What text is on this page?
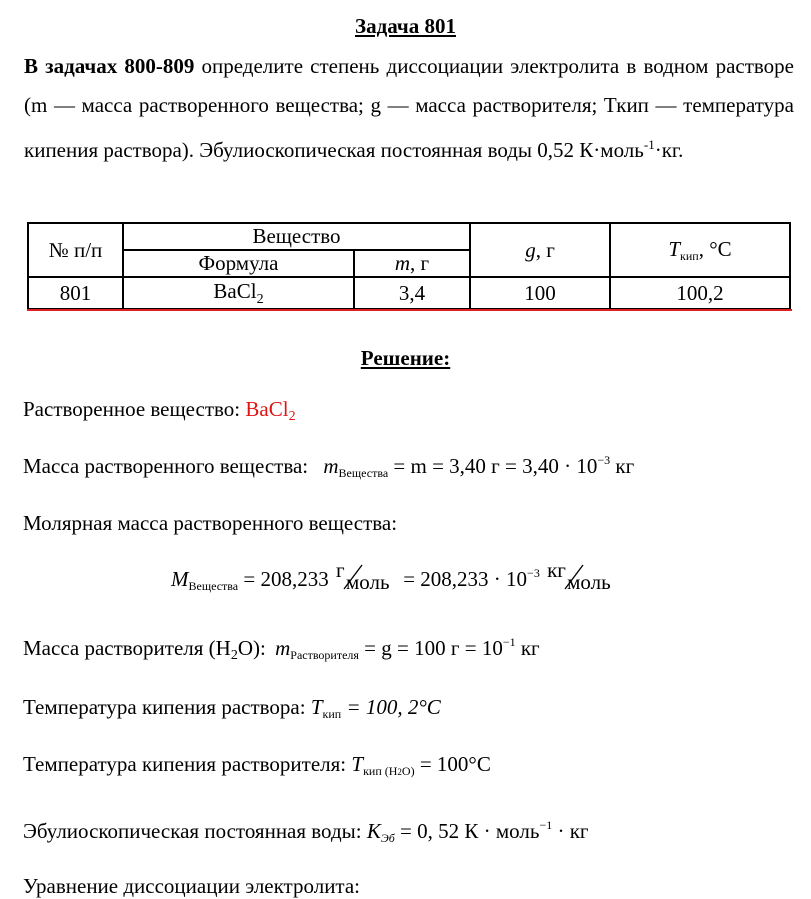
Задача 801
В задачах 800-809 определите степень диссоциации электролита в водном растворе (m — масса растворенного вещества; g — масса растворителя; Ткип — температура кипения раствора). Эбулиоскопическая постоянная воды 0,52 К·моль$^{-1}$·кг.
№ п/п	Вещество		g, г	$T_{кип}$, °С
	Формула	m, г		
801	BaCl$_2$	3,4	100	100,2
Решение:
Растворенное вещество: BaCl$_2$
Масса растворенного вещества: $m_{Вещества} = m = 3,40$ $г = 3,40 \cdot 10^{-3}$ кг
Молярная масса растворенного вещества:
$M_{Вещества} = 208,233$ г моль = $208,233 \cdot 10^{-3}$ кг моль
Масса растворителя $(H_2O)$: $m_{Растворителя} = g = 100$ $г = 10^{-1}$ кг
Температура кипения раствора: $T_{кип} = 100$, 2°C
Температура кипения растворителя: $T_{кип (H2O)} = 100^\circ C$
Эбулиоскопическая постоянная воды: $K_{Эб} = 0$, 52 К · моль$^{-1}$ · кг
Уравнение диссоциации электролита:
